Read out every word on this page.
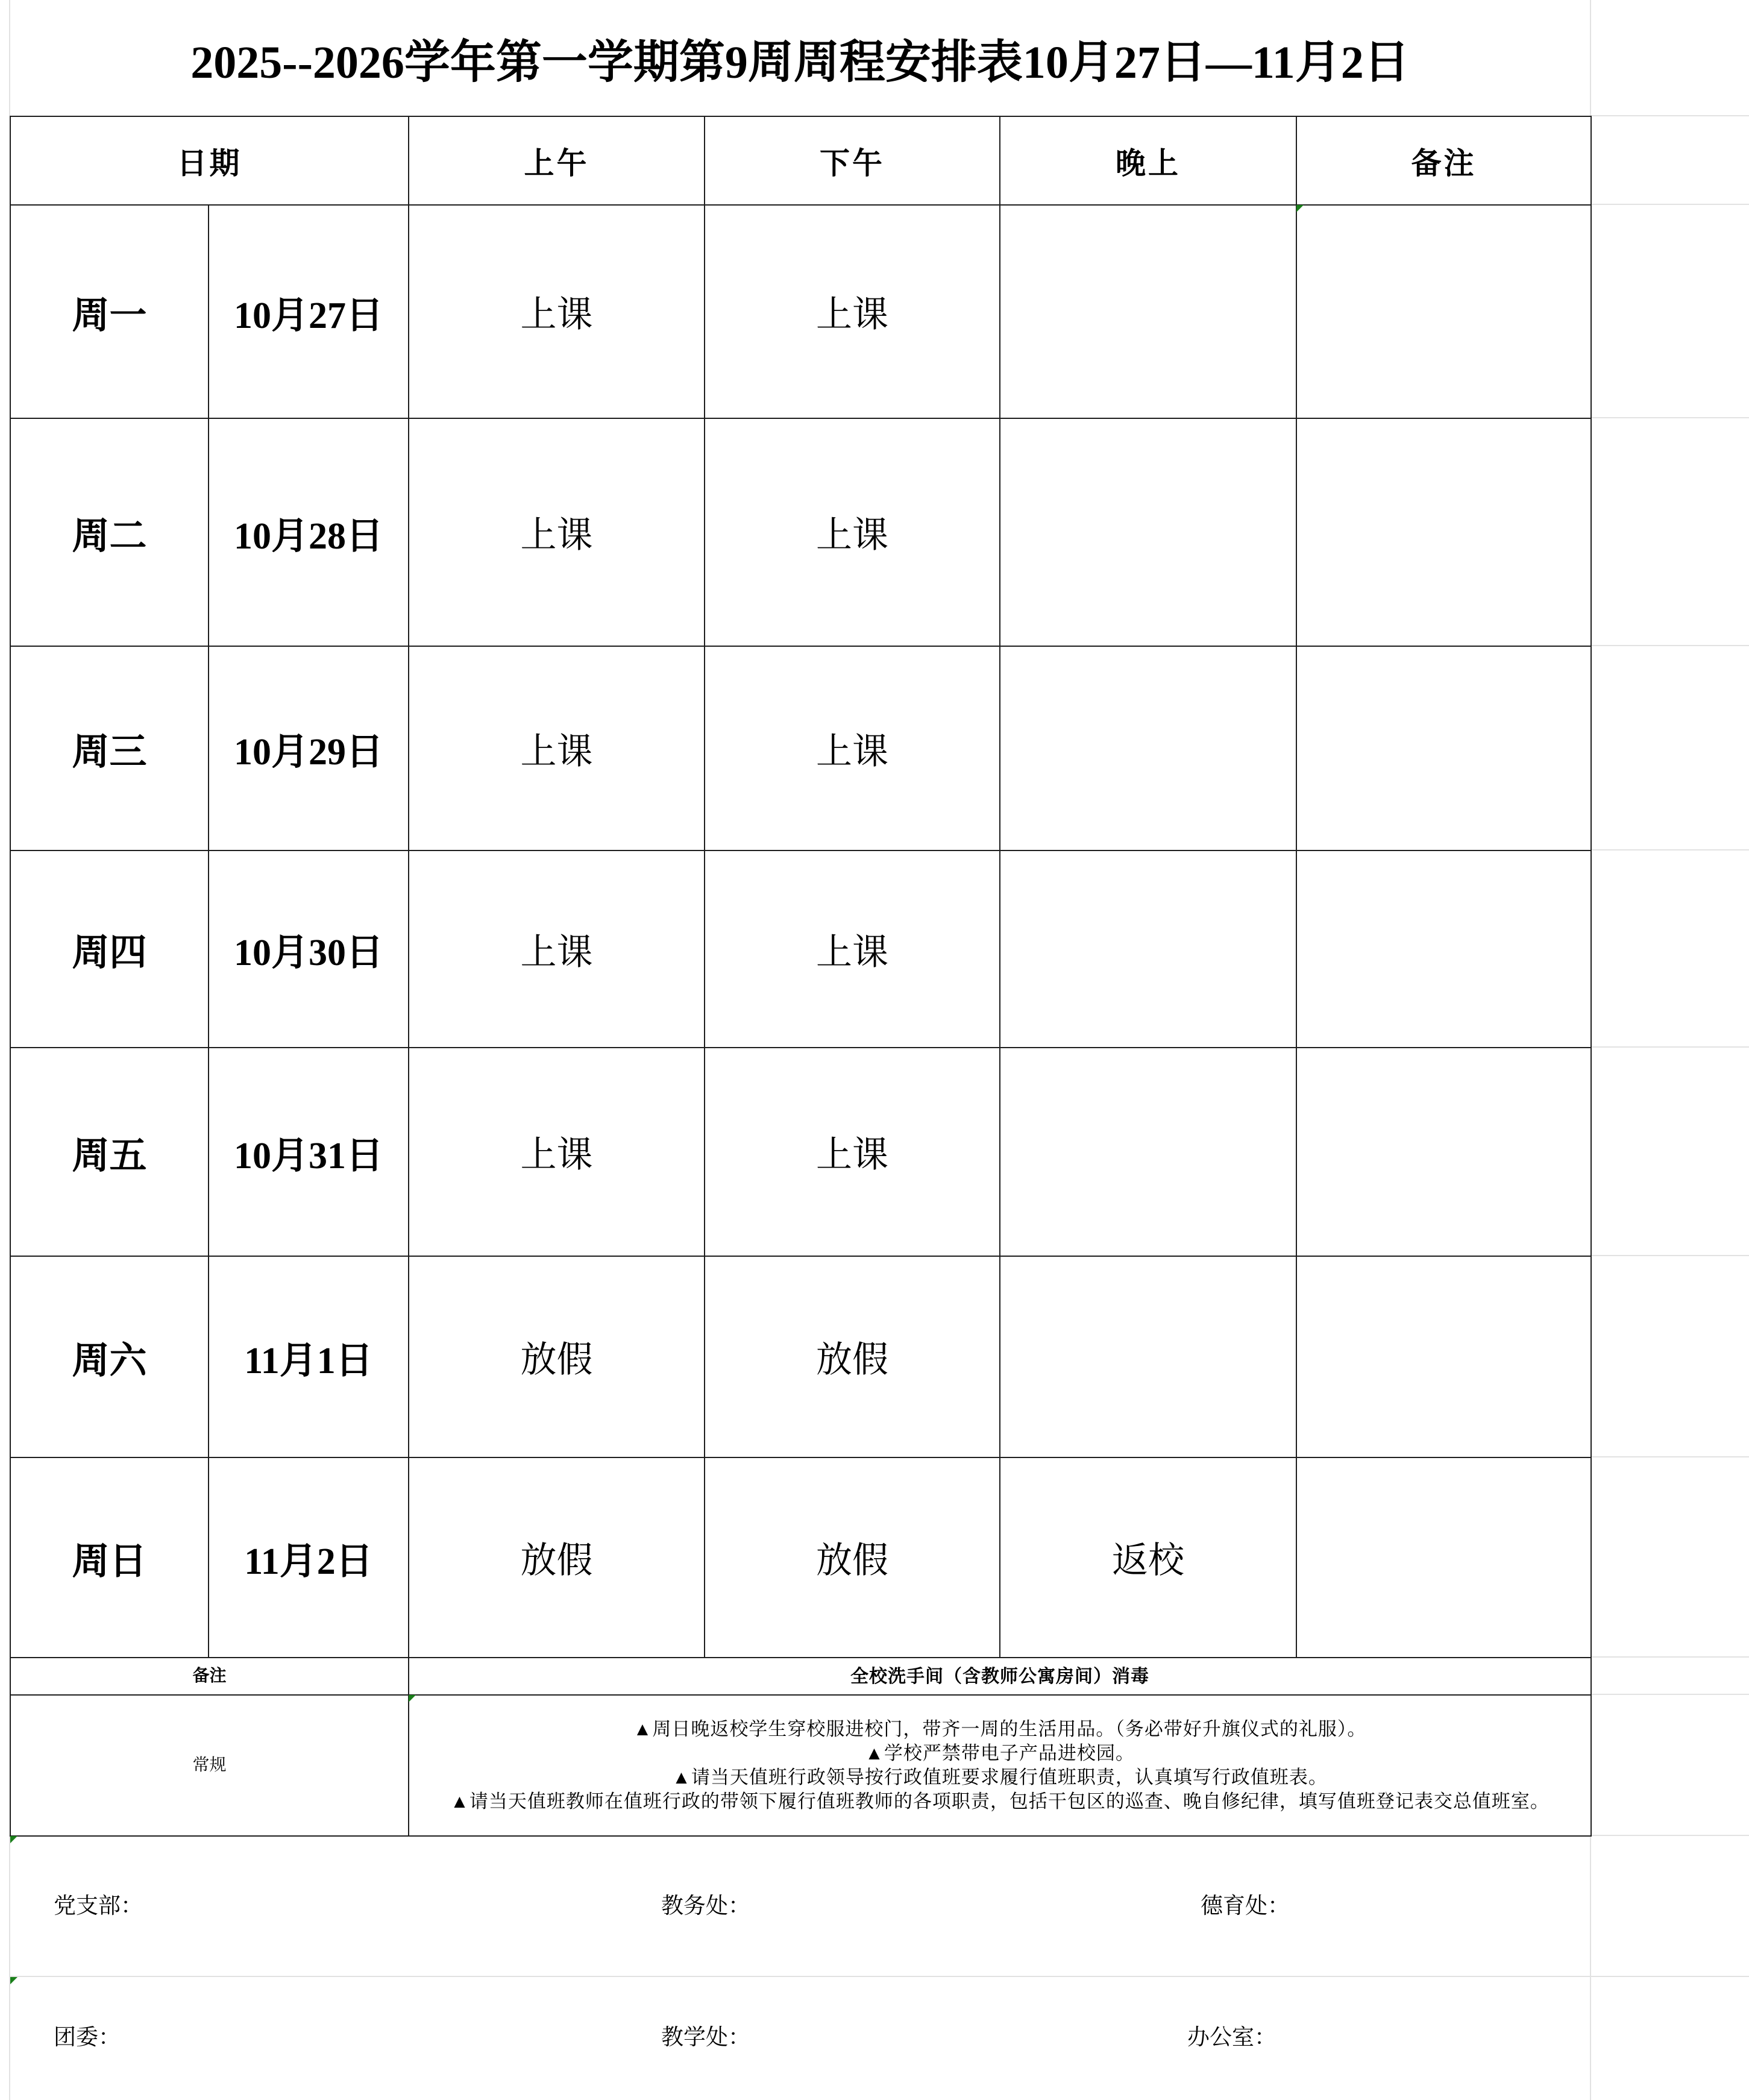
2025--2026学年第一学期第9周周程安排表10月27日—11月2日
日期		上午	下午	晚上	备注
周一	10月27日	上课	上课		
周二	10月28日	上课	上课		
周三	10月29日	上课	上课		
周四	10月30日	上课	上课		
周五	10月31日	上课	上课		
周六	11月1日	放假	放假		
周日	11月2日	放假	放假	返校	
备注		全校洗手间（含教师公寓房间）消毒			
常规		▲周日晚返校学生穿校服进校门，带齐一周的生活用品。（务必带好升旗仪式的礼服）。
▲学校严禁带电子产品进校园。
▲请当天值班行政领导按行政值班要求履行值班职责，认真填写行政值班表。
▲请当天值班教师在值班行政的带领下履行值班教师的各项职责，包括干包区的巡查、晚自修纪律，填写值班登记表交总值班室。			
党支部：	教务处：	德育处：
团委：	教学处：	办公室：
